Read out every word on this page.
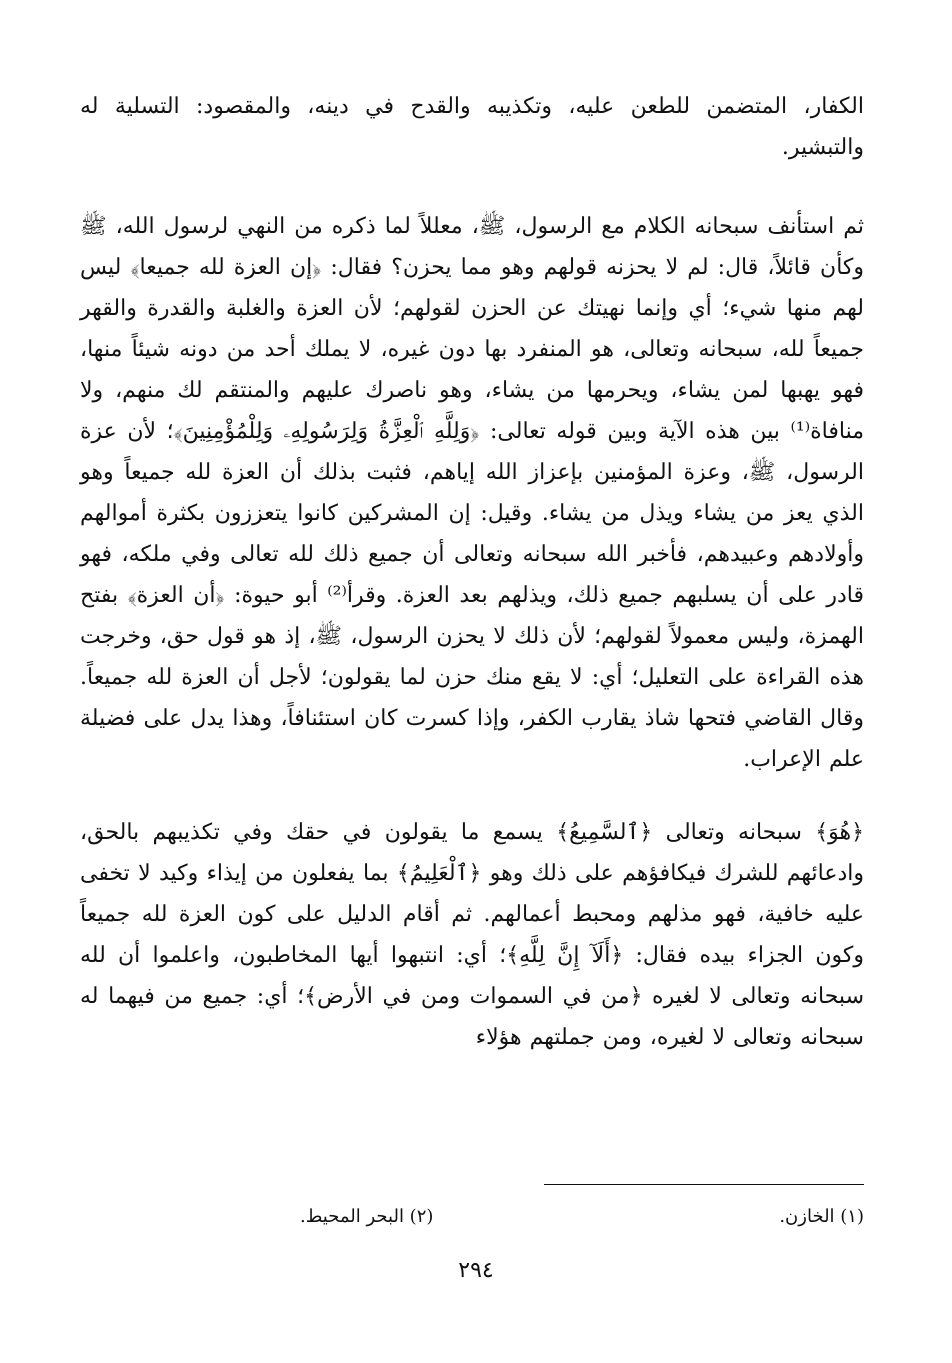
الكفار، المتضمن للطعن عليه، وتكذيبه والقدح في دينه، والمقصود: التسلية له والتبشير.

ثم استأنف سبحانه الكلام مع الرسول، ﷺ، معللاً لما ذكره من النهي لرسول الله، ﷺ وكأن قائلاً، قال: لم لا يحزنه قولهم وهو مما يحزن؟ فقال: ﴿إن العزة لله جميعا﴾ ليس لهم منها شيء؛ أي وإنما نهيتك عن الحزن لقولهم؛ لأن العزة والغلبة والقدرة والقهر جميعاً لله، سبحانه وتعالى، هو المنفرد بها دون غيره، لا يملك أحد من دونه شيئاً منها، فهو يهبها لمن يشاء، ويحرمها من يشاء، وهو ناصرك عليهم والمنتقم لك منهم، ولا منافاة⁽¹⁾ بين هذه الآية وبين قوله تعالى: ﴿وَلِلَّهِ ٱلْعِزَّةُ وَلِرَسُولِهِۦ وَلِلْمُؤْمِنِينَ﴾؛ لأن عزة الرسول، ﷺ، وعزة المؤمنين بإعزاز الله إياهم، فثبت بذلك أن العزة لله جميعاً وهو الذي يعز من يشاء ويذل من يشاء. وقيل: إن المشركين كانوا يتعززون بكثرة أموالهم وأولادهم وعبيدهم، فأخبر الله سبحانه وتعالى أن جميع ذلك لله تعالى وفي ملكه، فهو قادر على أن يسلبهم جميع ذلك، ويذلهم بعد العزة. وقرأ⁽²⁾ أبو حيوة: ﴿أن العزة﴾ بفتح الهمزة، وليس معمولاً لقولهم؛ لأن ذلك لا يحزن الرسول، ﷺ، إذ هو قول حق، وخرجت هذه القراءة على التعليل؛ أي: لا يقع منك حزن لما يقولون؛ لأجل أن العزة لله جميعاً. وقال القاضي فتحها شاذ يقارب الكفر، وإذا كسرت كان استئنافاً، وهذا يدل على فضيلة علم الإعراب.

﴿هُوَ﴾ سبحانه وتعالى ﴿ٱلسَّمِيعُ﴾ يسمع ما يقولون في حقك وفي تكذيبهم بالحق، وادعائهم للشرك فيكافؤهم على ذلك وهو ﴿ٱلْعَلِيمُ﴾ بما يفعلون من إيذاء وكيد لا تخفى عليه خافية، فهو مذلهم ومحبط أعمالهم. ثم أقام الدليل على كون العزة لله جميعاً وكون الجزاء بيده فقال: ﴿أَلَآ إِنَّ لِلَّهِ﴾؛ أي: انتبهوا أيها المخاطبون، واعلموا أن لله سبحانه وتعالى لا لغيره ﴿من في السموات ومن في الأرض﴾؛ أي: جميع من فيهما له سبحانه وتعالى لا لغيره، ومن جملتهم هؤلاء

(١) الخازن.
(٢) البحر المحيط.
٢٩٤
